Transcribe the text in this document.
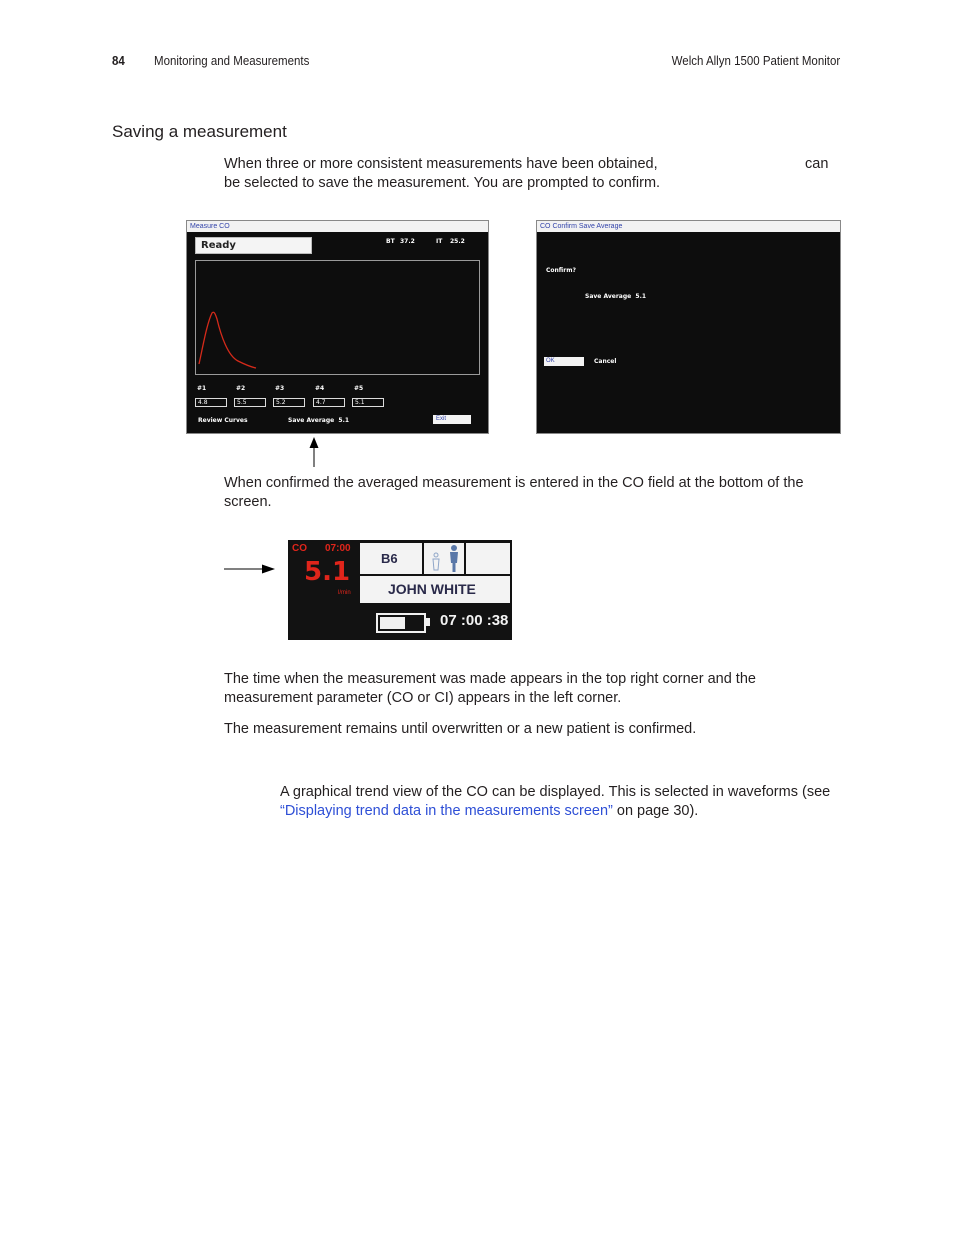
84 Monitoring and Measurements	Welch Allyn 1500 Patient Monitor
Saving a measurement
When three or more consistent measurements have been obtained,	can

be selected to save the measurement. You are prompted to confirm.
Measure CO
Ready	BT 37.2	IT 25.2
#1
4.8
#2
5.5
#3
5.2
#4
4.7
#5
5.1
Review Curves	Save Average 5.1	Exit
CO Confirm Save Average
Confirm?
Save Average 5.1
OK	Cancel
When confirmed the averaged measurement is entered in the CO field at the bottom of the screen.
CO 07:00
5.1
l/min
B6
JOHN WHITE
07 :00 :38
The time when the measurement was made appears in the top right corner and the measurement parameter (CO or CI) appears in the left corner.
The measurement remains until overwritten or a new patient is confirmed.
A graphical trend view of the CO can be displayed. This is selected in waveforms (see “Displaying trend data in the measurements screen” on page 30).
